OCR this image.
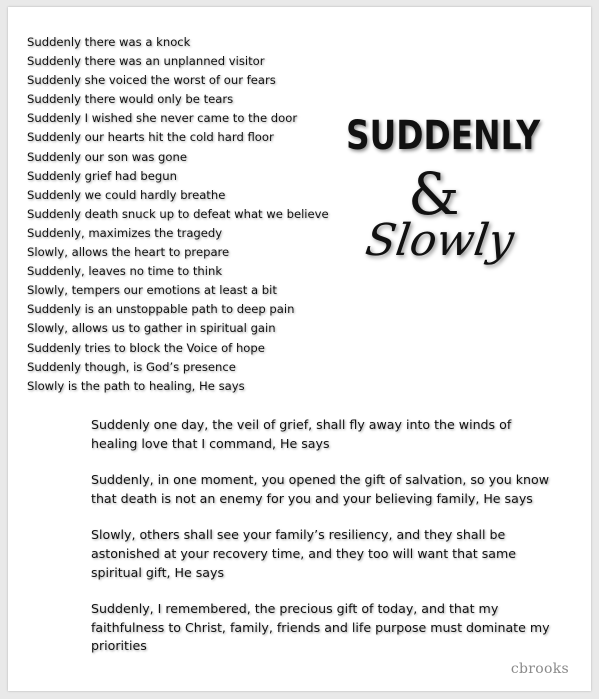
Suddenly there was a knock
Suddenly there was an unplanned visitor
Suddenly she voiced the worst of our fears
Suddenly there would only be tears
Suddenly I wished she never came to the door
Suddenly our hearts hit the cold hard floor
Suddenly our son was gone
Suddenly grief had begun
Suddenly we could hardly breathe
Suddenly death snuck up to defeat what we believe
Suddenly, maximizes the tragedy
Slowly, allows the heart to prepare
Suddenly, leaves no time to think
Slowly, tempers our emotions at least a bit
Suddenly is an unstoppable path to deep pain
Slowly, allows us to gather in spiritual gain
Suddenly tries to block the Voice of hope
Suddenly though, is God’s presence
Slowly is the path to healing, He says
SUDDENLY
&
Slowly

Suddenly one day, the veil of grief, shall fly away into the winds of healing love that I command, He says

Suddenly, in one moment, you opened the gift of salvation, so you know that death is not an enemy for you and your believing family, He says

Slowly, others shall see your family’s resiliency, and they shall be astonished at your recovery time, and they too will want that same spiritual gift, He says

Suddenly, I remembered, the precious gift of today, and that my faithfulness to Christ, family, friends and life purpose must dominate my priorities

cbrooks
